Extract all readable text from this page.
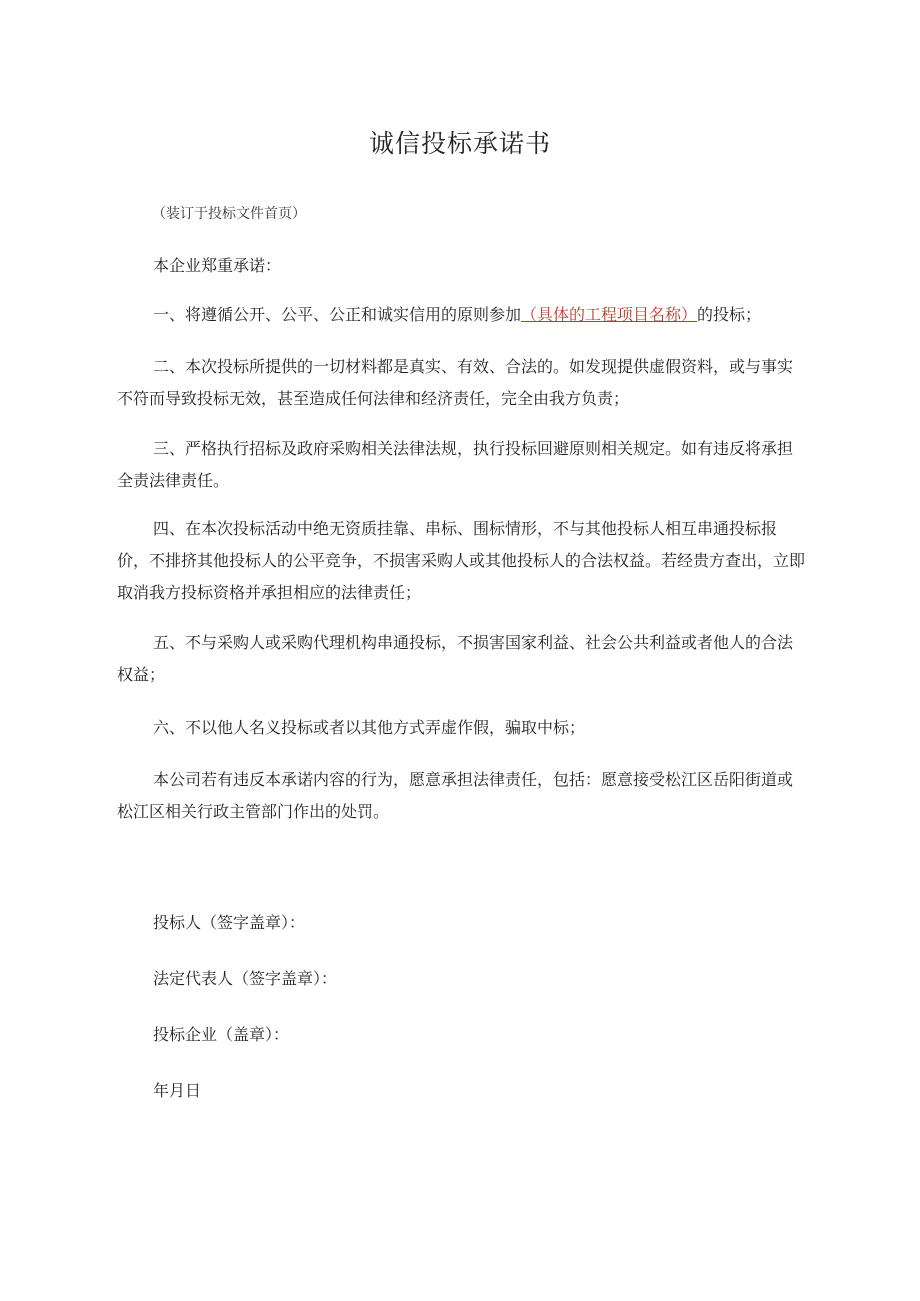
诚信投标承诺书
（装订于投标文件首页）
本企业郑重承诺：
一、将遵循公开、公平、公正和诚实信用的原则参加（具体的工程项目名称）的投标；
二、本次投标所提供的一切材料都是真实、有效、合法的。如发现提供虚假资料，或与事实不符而导致投标无效，甚至造成任何法律和经济责任，完全由我方负责；
三、严格执行招标及政府采购相关法律法规，执行投标回避原则相关规定。如有违反将承担全责法律责任。
四、在本次投标活动中绝无资质挂靠、串标、围标情形，不与其他投标人相互串通投标报价，不排挤其他投标人的公平竞争，不损害采购人或其他投标人的合法权益。若经贵方查出，立即取消我方投标资格并承担相应的法律责任；
五、不与采购人或采购代理机构串通投标，不损害国家利益、社会公共利益或者他人的合法权益；
六、不以他人名义投标或者以其他方式弄虚作假，骗取中标；
本公司若有违反本承诺内容的行为，愿意承担法律责任，包括：愿意接受松江区岳阳街道或松江区相关行政主管部门作出的处罚。
投标人（签字盖章）：
法定代表人（签字盖章）：
投标企业（盖章）：
年月日
